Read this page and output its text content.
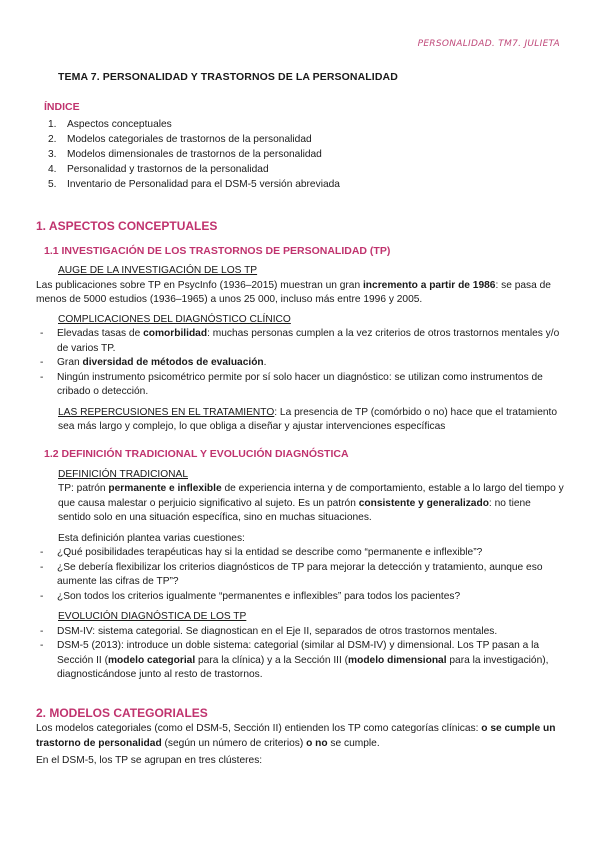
PERSONALIDAD. TM7. JULIETA
TEMA 7. PERSONALIDAD Y TRASTORNOS DE LA PERSONALIDAD
ÍNDICE
1.	Aspectos conceptuales
2.	Modelos categoriales de trastornos de la personalidad
3.	Modelos dimensionales de trastornos de la personalidad
4.	Personalidad y trastornos de la personalidad
5.	Inventario de Personalidad para el DSM-5 versión abreviada
1. ASPECTOS CONCEPTUALES
1.1 INVESTIGACIÓN DE LOS TRASTORNOS DE PERSONALIDAD (TP)
AUGE DE LA INVESTIGACIÓN DE LOS TP
Las publicaciones sobre TP en PsycInfo (1936–2015) muestran un gran incremento a partir de 1986: se pasa de menos de 5000 estudios (1936–1965) a unos 25 000, incluso más entre 1996 y 2005.
COMPLICACIONES DEL DIAGNÓSTICO CLÍNICO
-	Elevadas tasas de comorbilidad: muchas personas cumplen a la vez criterios de otros trastornos mentales y/o de varios TP.
-	Gran diversidad de métodos de evaluación.
-	Ningún instrumento psicométrico permite por sí solo hacer un diagnóstico: se utilizan como instrumentos de cribado o detección.
LAS REPERCUSIONES EN EL TRATAMIENTO: La presencia de TP (comórbido o no) hace que el tratamiento sea más largo y complejo, lo que obliga a diseñar y ajustar intervenciones específicas
1.2 DEFINICIÓN TRADICIONAL Y EVOLUCIÓN DIAGNÓSTICA
DEFINICIÓN TRADICIONAL
TP: patrón permanente e inflexible de experiencia interna y de comportamiento, estable a lo largo del tiempo y que causa malestar o perjuicio significativo al sujeto. Es un patrón consistente y generalizado: no tiene sentido solo en una situación específica, sino en muchas situaciones.
Esta definición plantea varias cuestiones:
-	¿Qué posibilidades terapéuticas hay si la entidad se describe como “permanente e inflexible”?
-	¿Se debería flexibilizar los criterios diagnósticos de TP para mejorar la detección y tratamiento, aunque eso aumente las cifras de TP”?
-	¿Son todos los criterios igualmente “permanentes e inflexibles” para todos los pacientes?
EVOLUCIÓN DIAGNÓSTICA DE LOS TP
-	DSM-IV: sistema categorial. Se diagnostican en el Eje II, separados de otros trastornos mentales.
-	DSM-5 (2013): introduce un doble sistema: categorial (similar al DSM-IV) y dimensional. Los TP pasan a la Sección II (modelo categorial para la clínica) y a la Sección III (modelo dimensional para la investigación), diagnosticándose junto al resto de trastornos.
2. MODELOS CATEGORIALES
Los modelos categoriales (como el DSM-5, Sección II) entienden los TP como categorías clínicas: o se cumple un trastorno de personalidad (según un número de criterios) o no se cumple.
En el DSM-5, los TP se agrupan en tres clústeres:
